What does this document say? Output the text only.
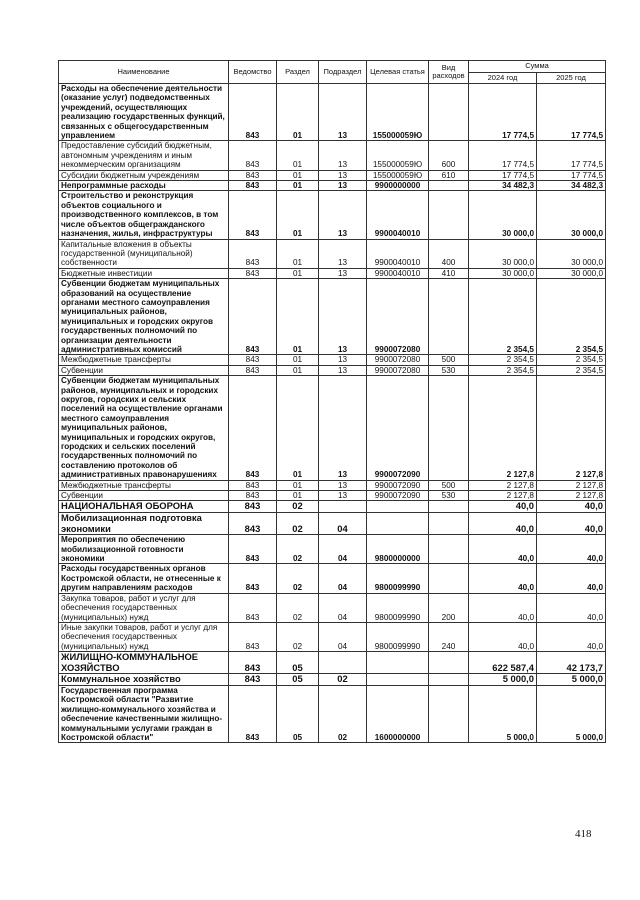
Наименование	Ведомство	Раздел	Подраздел	Целевая статья	Вид расходов	Сумма	
						2024 год	2025 год
Расходы на обеспечение деятельности (оказание услуг) подведомственных учреждений, осуществляющих реализацию государственных функций, связанных с общегосударственным управлением	843	01	13	155000059Ю		17 774,5	17 774,5
Предоставление субсидий бюджетным, автономным учреждениям и иным некоммерческим организациям	843	01	13	155000059Ю	600	17 774,5	17 774,5
Субсидии бюджетным учреждениям	843	01	13	155000059Ю	610	17 774,5	17 774,5
Непрограммные расходы	843	01	13	9900000000		34 482,3	34 482,3
Строительство и реконструкция объектов социального и производственного комплексов, в том числе объектов общегражданского назначения, жилья, инфраструктуры	843	01	13	9900040010		30 000,0	30 000,0
Капитальные вложения в объекты государственной (муниципальной) собственности	843	01	13	9900040010	400	30 000,0	30 000,0
Бюджетные инвестиции	843	01	13	9900040010	410	30 000,0	30 000,0
Субвенции бюджетам муниципальных образований на осуществление органами местного самоуправления муниципальных районов, муниципальных и городских округов государственных полномочий по организации деятельности административных комиссий	843	01	13	9900072080		2 354,5	2 354,5
Межбюджетные трансферты	843	01	13	9900072080	500	2 354,5	2 354,5
Субвенции	843	01	13	9900072080	530	2 354,5	2 354,5
Субвенции бюджетам муниципальных районов, муниципальных и городских округов, городских и сельских поселений на осуществление органами местного самоуправления муниципальных районов, муниципальных и городских округов, городских и сельских поселений государственных полномочий по составлению протоколов об административных правонарушениях	843	01	13	9900072090		2 127,8	2 127,8
Межбюджетные трансферты	843	01	13	9900072090	500	2 127,8	2 127,8
Субвенции	843	01	13	9900072090	530	2 127,8	2 127,8
НАЦИОНАЛЬНАЯ ОБОРОНА	843	02				40,0	40,0
Мобилизационная подготовка экономики	843	02	04			40,0	40,0
Мероприятия по обеспечению мобилизационной готовности экономики	843	02	04	9800000000		40,0	40,0
Расходы государственных органов Костромской области, не отнесенные к другим направлениям расходов	843	02	04	9800099990		40,0	40,0
Закупка товаров, работ и услуг для обеспечения государственных (муниципальных) нужд	843	02	04	9800099990	200	40,0	40,0
Иные закупки товаров, работ и услуг для обеспечения государственных (муниципальных) нужд	843	02	04	9800099990	240	40,0	40,0
ЖИЛИЩНО-КОММУНАЛЬНОЕ ХОЗЯЙСТВО	843	05				622 587,4	42 173,7
Коммунальное хозяйство	843	05	02			5 000,0	5 000,0
Государственная программа Костромской области "Развитие жилищно-коммунального хозяйства и обеспечение качественными жилищно-коммунальными услугами граждан в Костромской области"	843	05	02	1600000000		5 000,0	5 000,0
418
